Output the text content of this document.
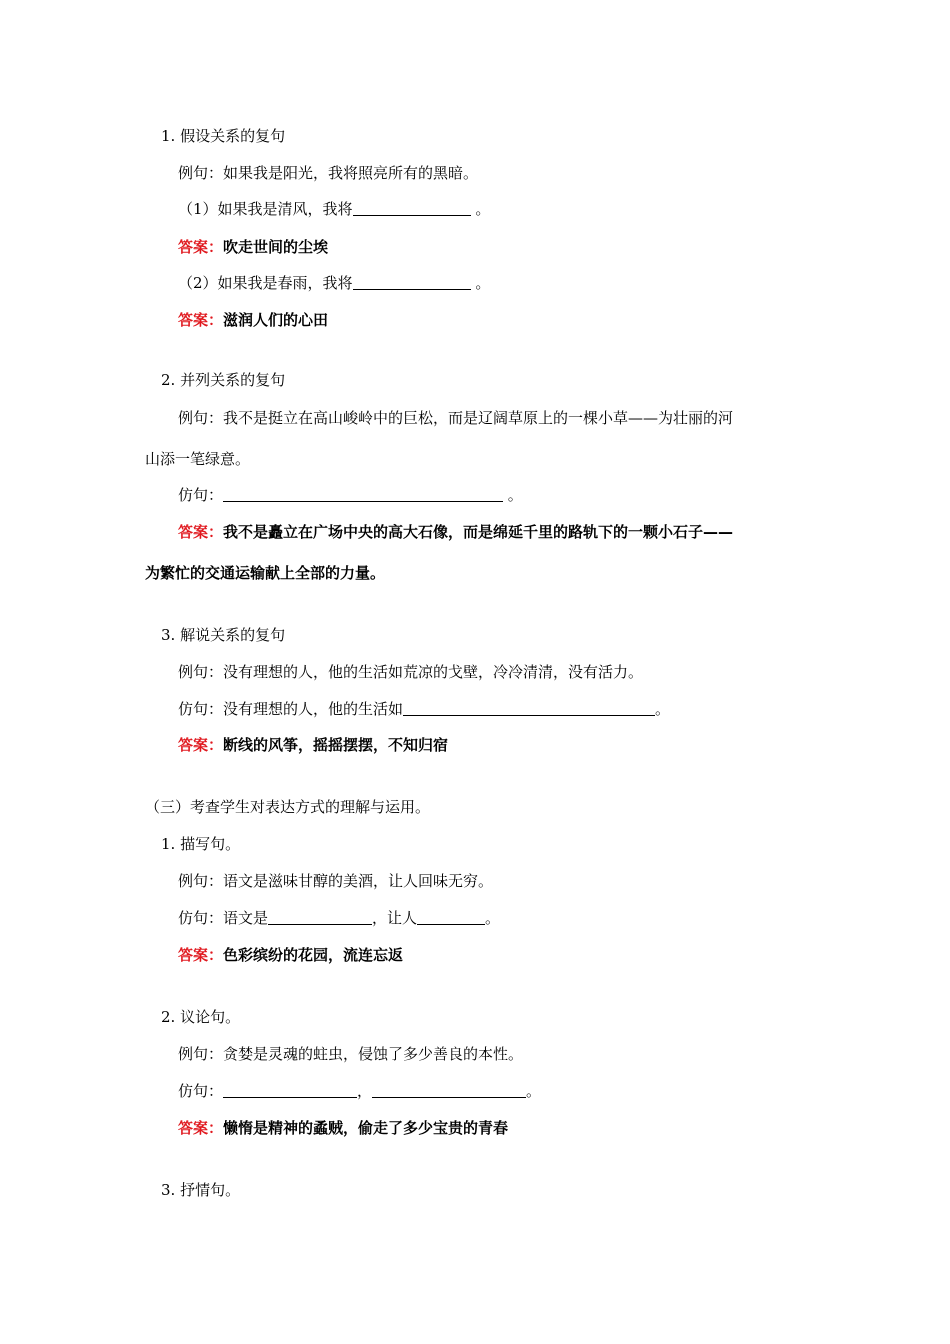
1. 假设关系的复句
例句：如果我是阳光，我将照亮所有的黑暗。
（1）如果我是清风，我将	。
答案：吹走世间的尘埃
（2）如果我是春雨，我将	。
答案：滋润人们的心田
2. 并列关系的复句
例句：我不是挺立在高山峻岭中的巨松，而是辽阔草原上的一棵小草——为壮丽的河
山添一笔绿意。
仿句：	。
答案：我不是矗立在广场中央的高大石像，而是绵延千里的路轨下的一颗小石子——
为繁忙的交通运输献上全部的力量。
3. 解说关系的复句
例句：没有理想的人，他的生活如荒凉的戈壁，冷冷清清，没有活力。
仿句：没有理想的人，他的生活如	。
答案：断线的风筝，摇摇摆摆，不知归宿
（三）考查学生对表达方式的理解与运用。
1. 描写句。
例句：语文是滋味甘醇的美酒，让人回味无穷。
仿句：语文是	，让人	。
答案：色彩缤纷的花园，流连忘返
2. 议论句。
例句：贪婪是灵魂的蛀虫，侵蚀了多少善良的本性。
仿句：	，	。
答案：懒惰是精神的蟊贼，偷走了多少宝贵的青春
3. 抒情句。
